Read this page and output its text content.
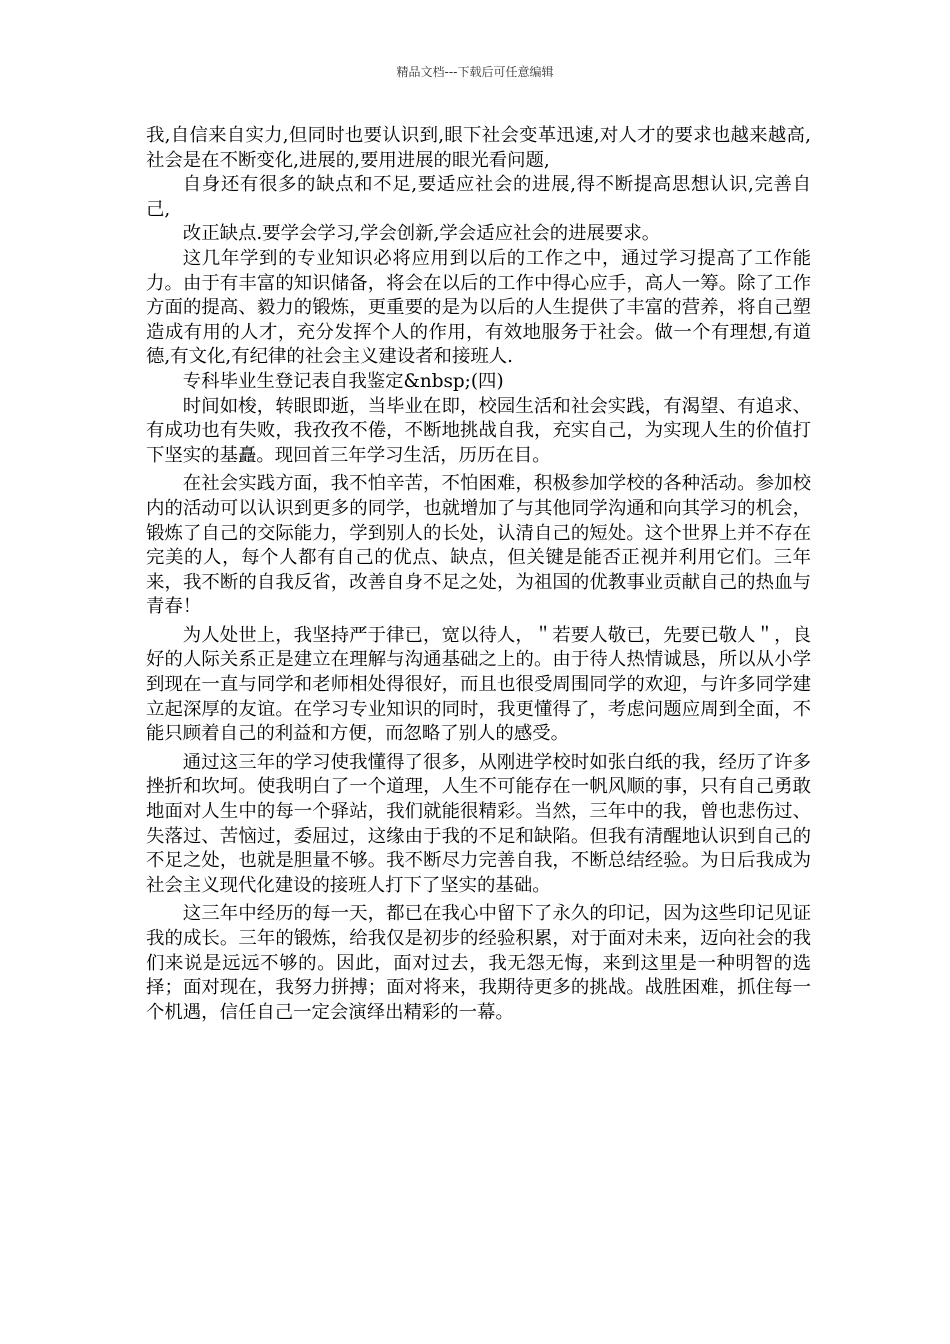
精品文档---下载后可任意编辑

我,自信来自实力,但同时也要认识到,眼下社会变革迅速,对人才的要求也越来越高,社会是在不断变化,进展的,要用进展的眼光看问题,

自身还有很多的缺点和不足,要适应社会的进展,得不断提高思想认识,完善自己,

改正缺点.要学会学习,学会创新,学会适应社会的进展要求。

这几年学到的专业知识必将应用到以后的工作之中，通过学习提高了工作能力。由于有丰富的知识储备，将会在以后的工作中得心应手，高人一筹。除了工作方面的提高、毅力的锻炼，更重要的是为以后的人生提供了丰富的营养，将自己塑造成有用的人才，充分发挥个人的作用，有效地服务于社会。做一个有理想,有道德,有文化,有纪律的社会主义建设者和接班人.

专科毕业生登记表自我鉴定&nbsp;(四)

时间如梭，转眼即逝，当毕业在即，校园生活和社会实践，有渴望、有追求、有成功也有失败，我孜孜不倦，不断地挑战自我，充实自己，为实现人生的价值打下坚实的基矗。现回首三年学习生活，历历在目。

在社会实践方面，我不怕辛苦，不怕困难，积极参加学校的各种活动。参加校内的活动可以认识到更多的同学，也就增加了与其他同学沟通和向其学习的机会，锻炼了自己的交际能力，学到别人的长处，认清自己的短处。这个世界上并不存在完美的人，每个人都有自己的优点、缺点，但关键是能否正视并利用它们。三年来，我不断的自我反省，改善自身不足之处，为祖国的优教事业贡献自己的热血与青春！

为人处世上，我坚持严于律已，宽以待人，＂若要人敬已，先要已敬人＂，良好的人际关系正是建立在理解与沟通基础之上的。由于待人热情诚恳，所以从小学到现在一直与同学和老师相处得很好，而且也很受周围同学的欢迎，与许多同学建立起深厚的友谊。在学习专业知识的同时，我更懂得了，考虑问题应周到全面，不能只顾着自己的利益和方便，而忽略了别人的感受。

通过这三年的学习使我懂得了很多，从刚进学校时如张白纸的我，经历了许多挫折和坎坷。使我明白了一个道理，人生不可能存在一帆风顺的事，只有自己勇敢地面对人生中的每一个驿站，我们就能很精彩。当然，三年中的我，曾也悲伤过、失落过、苦恼过，委屈过，这缘由于我的不足和缺陷。但我有清醒地认识到自己的不足之处，也就是胆量不够。我不断尽力完善自我，不断总结经验。为日后我成为社会主义现代化建设的接班人打下了坚实的基础。

这三年中经历的每一天，都已在我心中留下了永久的印记，因为这些印记见证我的成长。三年的锻炼，给我仅是初步的经验积累，对于面对未来，迈向社会的我们来说是远远不够的。因此，面对过去，我无怨无悔，来到这里是一种明智的选择；面对现在，我努力拼搏；面对将来，我期待更多的挑战。战胜困难，抓住每一个机遇，信任自己一定会演绎出精彩的一幕。
